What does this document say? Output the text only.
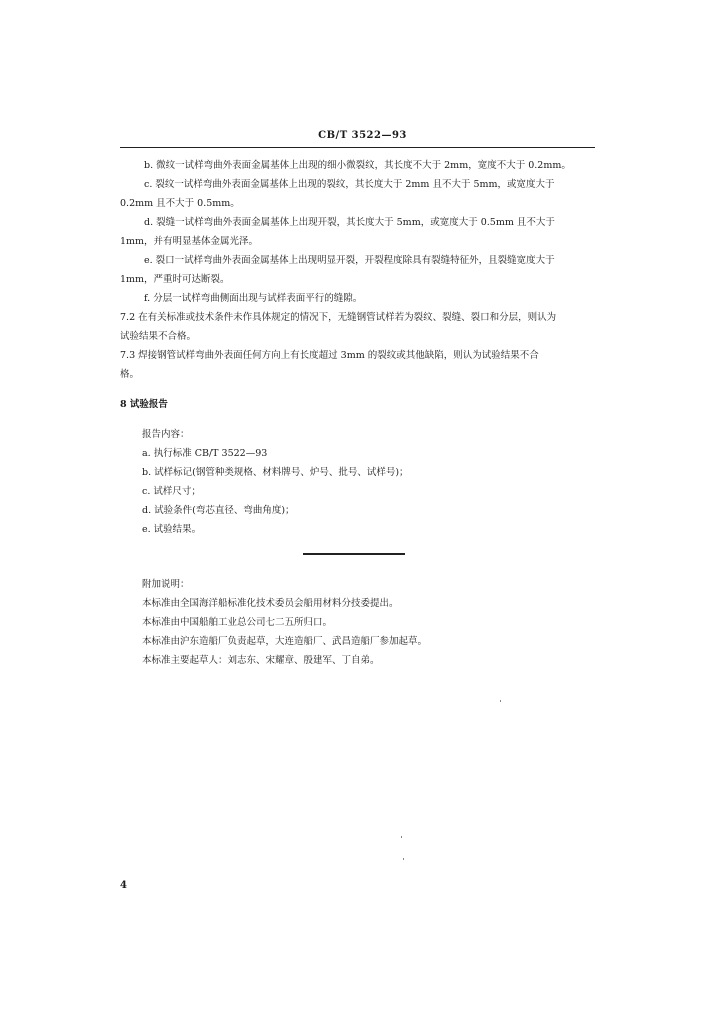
CB/T 3522—93
b. 微纹一试样弯曲外表面金属基体上出现的细小微裂纹，其长度不大于 2mm，宽度不大于 0.2mm。
c. 裂纹一试样弯曲外表面金属基体上出现的裂纹，其长度大于 2mm 且不大于 5mm，或宽度大于
0.2mm 且不大于 0.5mm。
d. 裂缝一试样弯曲外表面金属基体上出现开裂，其长度大于 5mm，或宽度大于 0.5mm 且不大于
1mm，并有明显基体金属光泽。
e. 裂口一试样弯曲外表面金属基体上出现明显开裂，开裂程度除具有裂缝特征外，且裂缝宽度大于
1mm，严重时可达断裂。
f. 分层一试样弯曲侧面出现与试样表面平行的缝隙。
7.2 在有关标准或技术条件未作具体规定的情况下，无缝钢管试样若为裂纹、裂缝、裂口和分层，则认为
试验结果不合格。
7.3 焊接钢管试样弯曲外表面任何方向上有长度超过 3mm 的裂纹或其他缺陷，则认为试验结果不合
格。
8 试验报告
报告内容：
a. 执行标准 CB/T 3522—93
b. 试样标记(钢管种类规格、材料牌号、炉号、批号、试样号)；
c. 试样尺寸；
d. 试验条件(弯芯直径、弯曲角度)；
e. 试验结果。
附加说明：
本标准由全国海洋船标准化技术委员会船用材料分技委提出。
本标准由中国船舶工业总公司七二五所归口。
本标准由沪东造船厂负责起草，大连造船厂、武昌造船厂参加起草。
本标准主要起草人：刘志东、宋耀章、殷建军、丁自弟。
4
